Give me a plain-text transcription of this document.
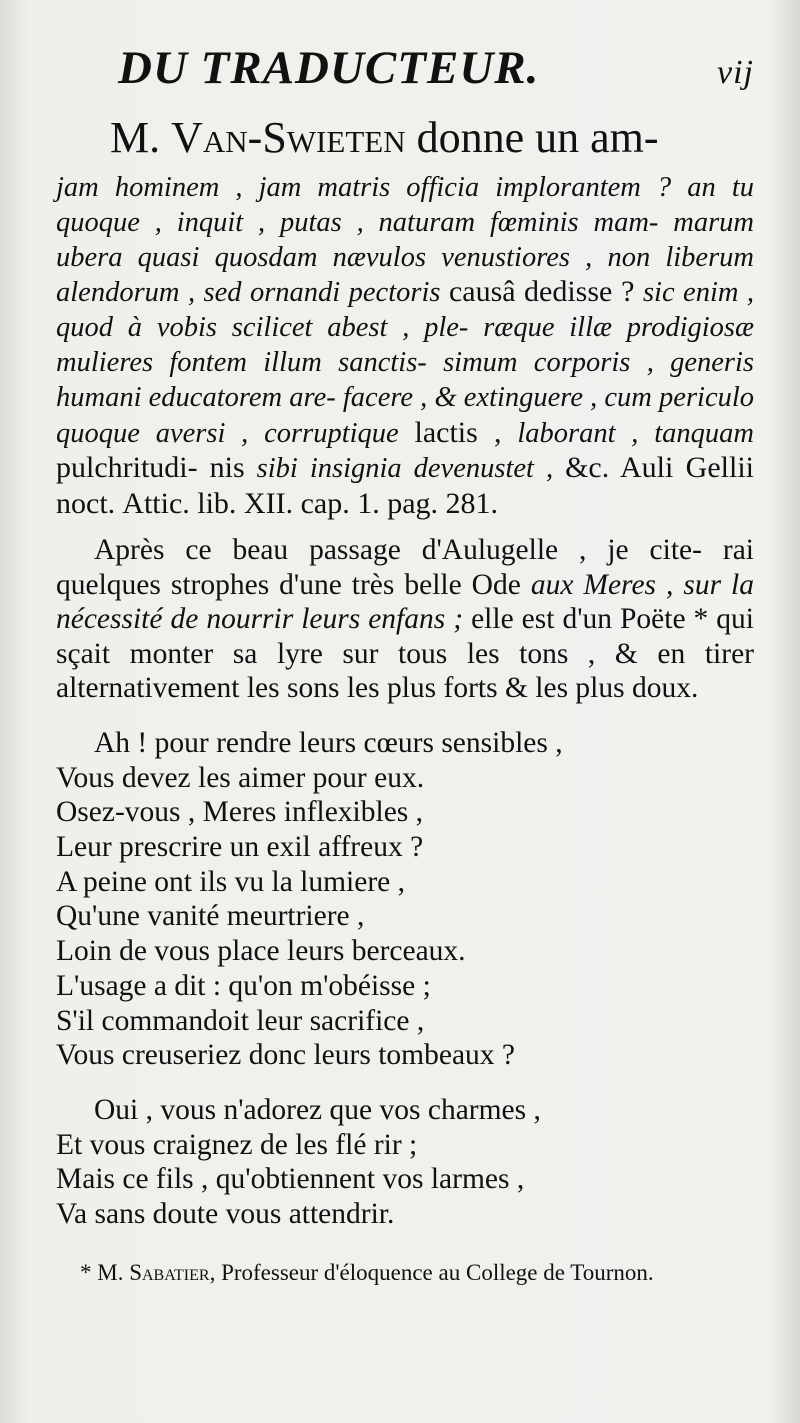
DU TRADUCTEUR.	vij
M. Van-Swieten donne un am-
jam hominem , jam matris officia implorantem ? an tu quoque , inquit , putas , naturam fœminis mam- marum ubera quasi quosdam nævulos venustiores , non liberum alendorum , sed ornandi pectoris causâ dedisse ? sic enim , quod à vobis scilicet abest , ple- ræque illæ prodigiosæ mulieres fontem illum sanctis- simum corporis , generis humani educatorem are- facere , & extinguere , cum periculo quoque aversi , corruptique lactis , laborant , tanquam pulchritudi- nis sibi insignia devenustet , &c. Auli Gellii noct. Attic. lib. XII. cap. 1. pag. 281.
Après ce beau passage d'Aulugelle , je cite- rai quelques strophes d'une très belle Ode aux Meres , sur la nécessité de nourrir leurs enfans ; elle est d'un Poëte * qui sçait monter sa lyre sur tous les tons , & en tirer alternativement les sons les plus forts & les plus doux.
Ah ! pour rendre leurs cœurs sensibles ,
Vous devez les aimer pour eux.
Osez-vous , Meres inflexibles ,
Leur prescrire un exil affreux ?
A peine ont ils vu la lumiere ,
Qu'une vanité meurtriere ,
Loin de vous place leurs berceaux.
L'usage a dit : qu'on m'obéisse ;
S'il commandoit leur sacrifice ,
Vous creuseriez donc leurs tombeaux ?
Oui , vous n'adorez que vos charmes ,
Et vous craignez de les flé rir ;
Mais ce fils , qu'obtiennent vos larmes ,
Va sans doute vous attendrir.
* M. Sabatier, Professeur d'éloquence au College de Tournon.
